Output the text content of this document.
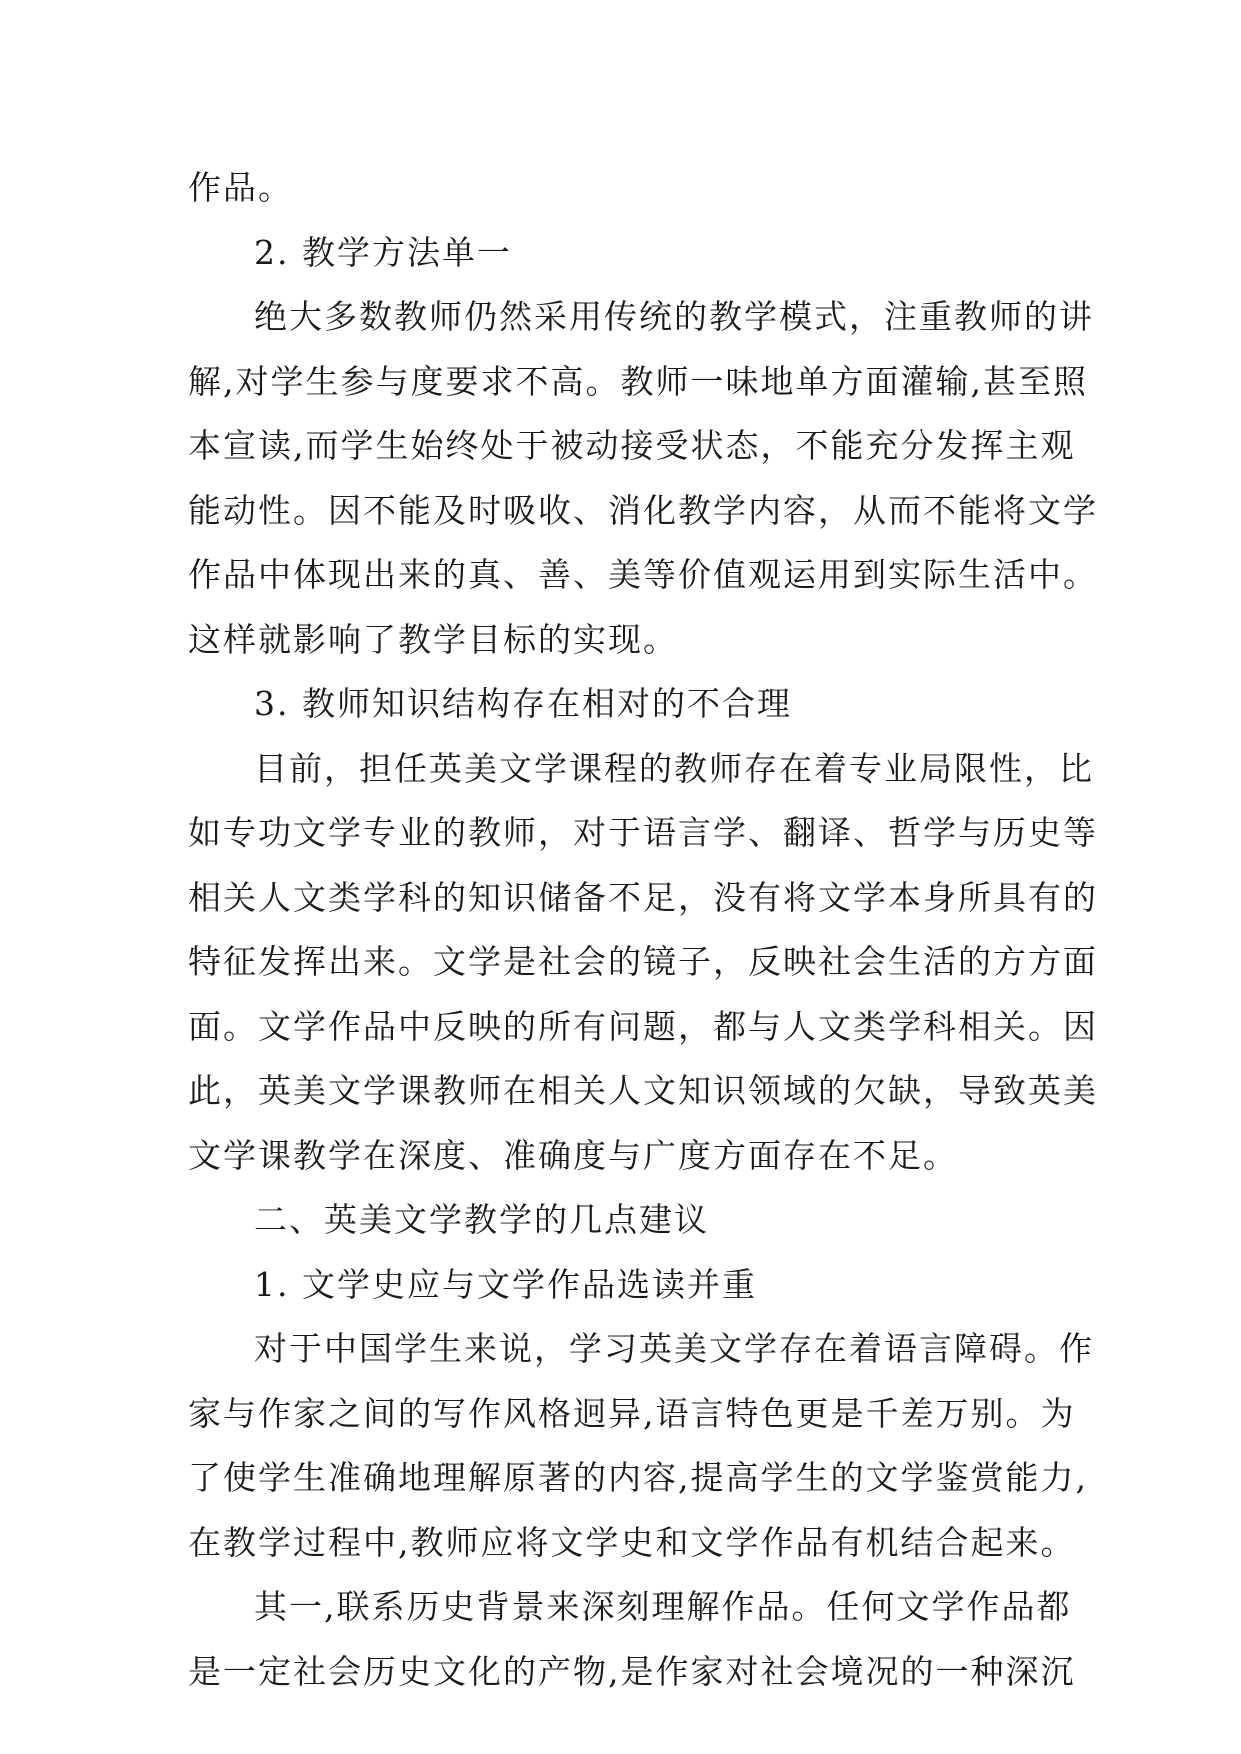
作品。
2. 教学方法单一
绝大多数教师仍然采用传统的教学模式，注重教师的讲
解,对学生参与度要求不高。教师一味地单方面灌输,甚至照
本宣读,而学生始终处于被动接受状态，不能充分发挥主观
能动性。因不能及时吸收、消化教学内容，从而不能将文学
作品中体现出来的真、善、美等价值观运用到实际生活中。
这样就影响了教学目标的实现。
3. 教师知识结构存在相对的不合理
目前，担任英美文学课程的教师存在着专业局限性，比
如专功文学专业的教师，对于语言学、翻译、哲学与历史等
相关人文类学科的知识储备不足，没有将文学本身所具有的
特征发挥出来。文学是社会的镜子，反映社会生活的方方面
面。文学作品中反映的所有问题，都与人文类学科相关。因
此，英美文学课教师在相关人文知识领域的欠缺，导致英美
文学课教学在深度、准确度与广度方面存在不足。
二、英美文学教学的几点建议
1. 文学史应与文学作品选读并重
对于中国学生来说，学习英美文学存在着语言障碍。作
家与作家之间的写作风格迥异,语言特色更是千差万别。为
了使学生准确地理解原著的内容,提高学生的文学鉴赏能力,
在教学过程中,教师应将文学史和文学作品有机结合起来。
其一,联系历史背景来深刻理解作品。任何文学作品都
是一定社会历史文化的产物,是作家对社会境况的一种深沉
